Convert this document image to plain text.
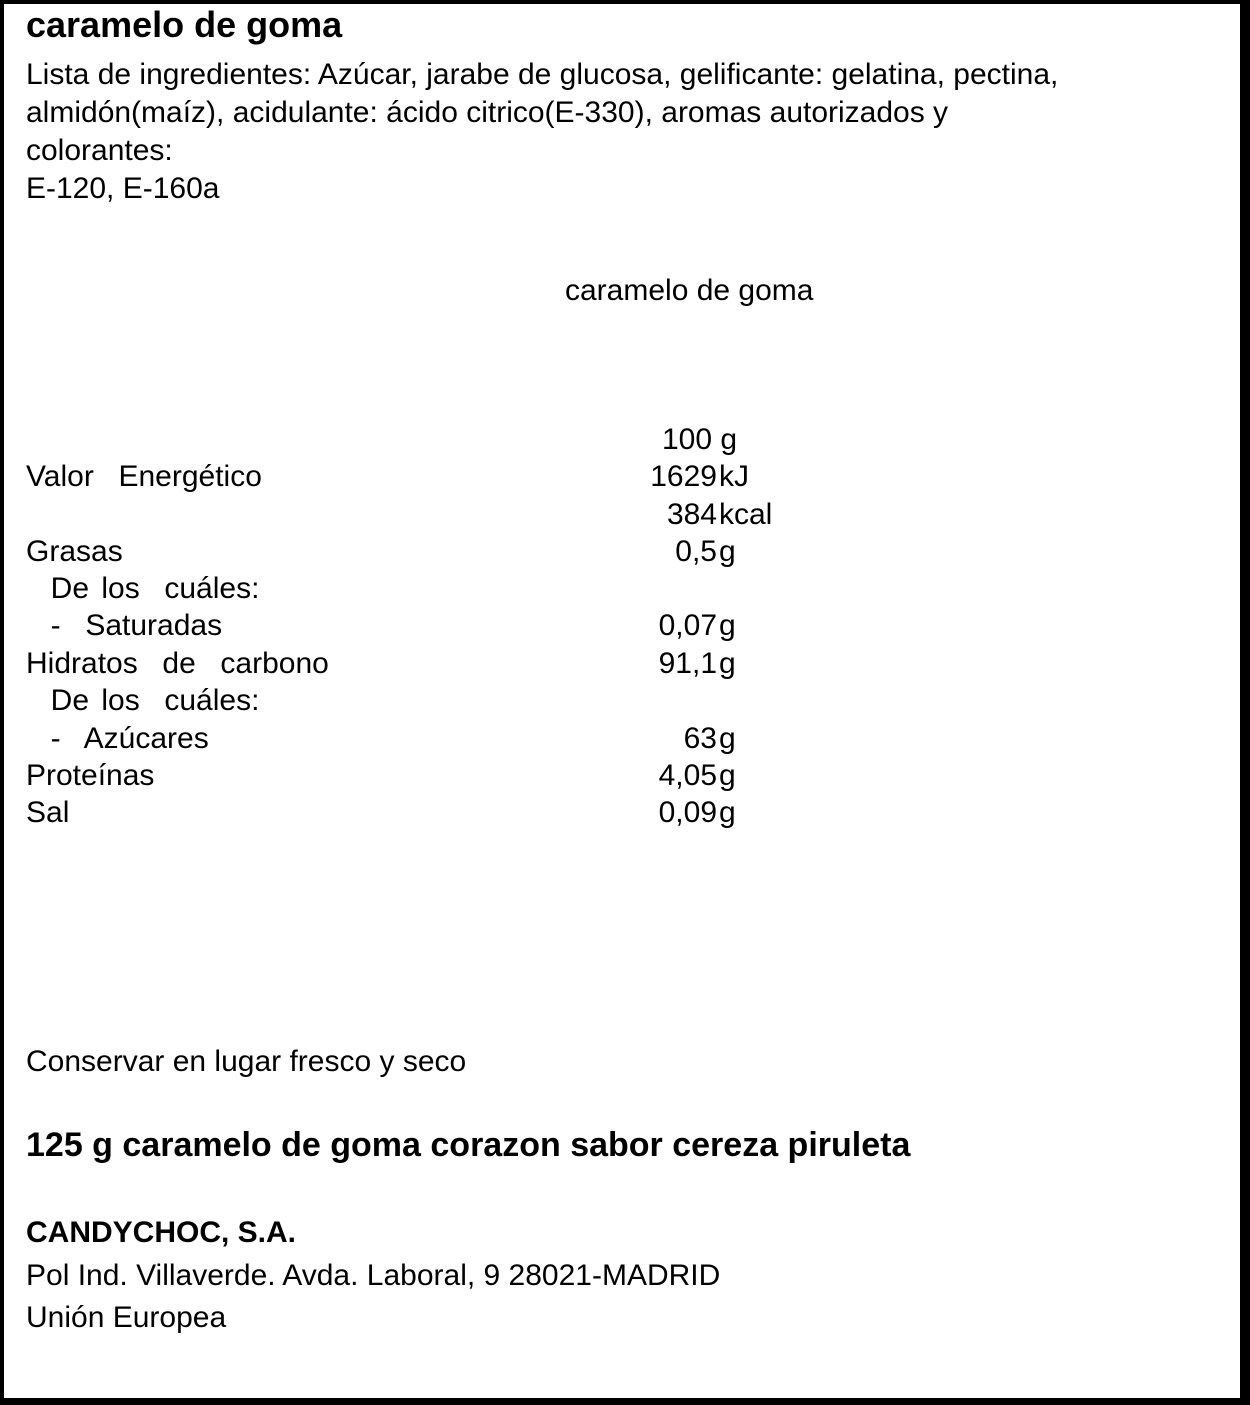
caramelo de goma
Lista de ingredientes: Azúcar, jarabe de glucosa, gelificante: gelatina, pectina,
almidón(maíz), acidulante: ácido citrico(E-330), aromas autorizados y
colorantes:
E-120, E-160a
caramelo de goma
100 g
Valor  Energético	1629 kJ
384 kcal
Grasas	0,5 g
De los  cuáles:
-  Saturadas	0,07 g
Hidratos  de  carbono	91,1 g
De los  cuáles:
-  Azúcares	63 g
Proteínas	4,05 g
Sal	0,09 g
Conservar en lugar fresco y seco
125 g caramelo de goma corazon sabor cereza piruleta
CANDYCHOC, S.A.
Pol Ind. Villaverde. Avda. Laboral, 9 28021-MADRID
Unión Europea
